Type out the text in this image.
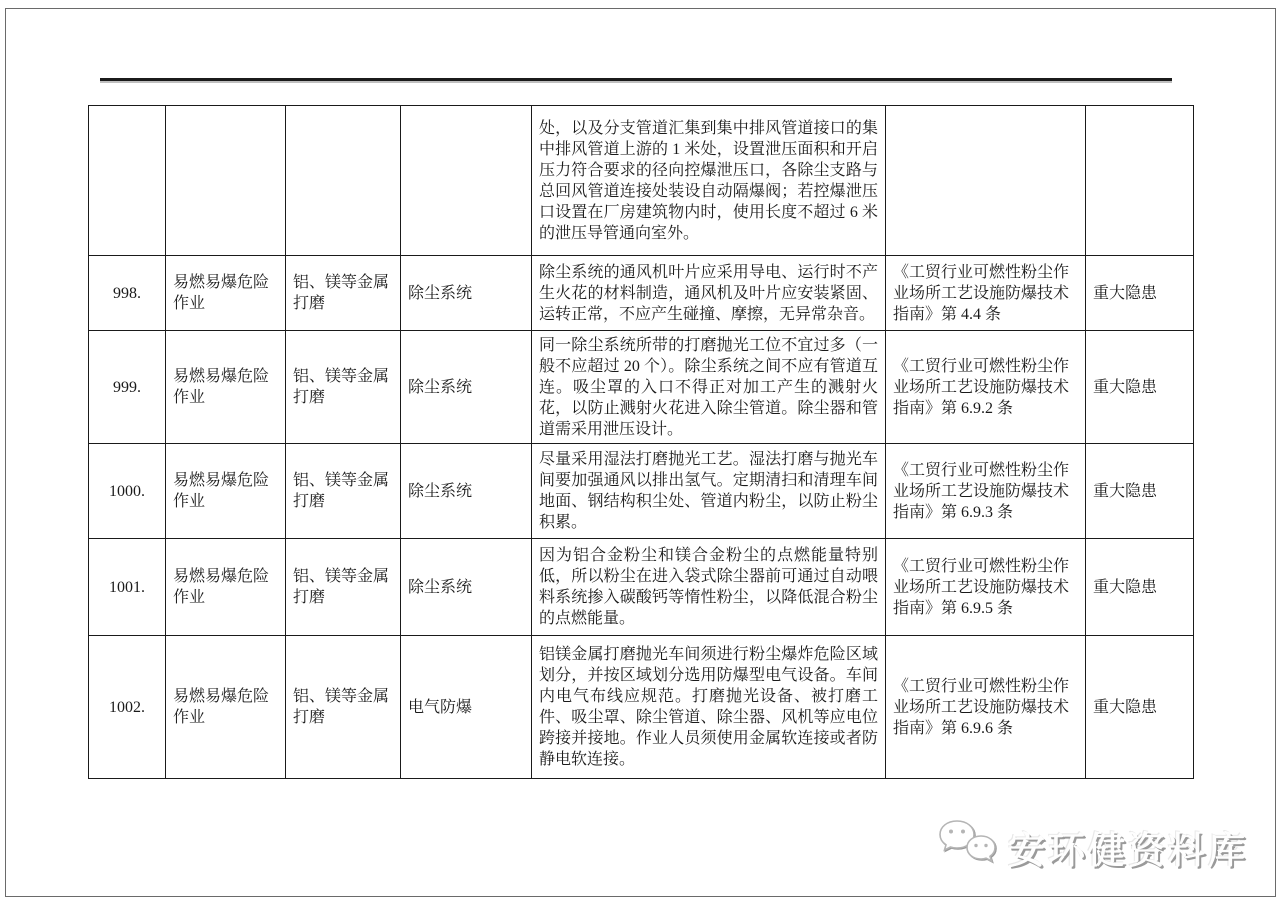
				处，以及分支管道汇集到集中排风管道接口的集中排风管道上游的 1 米处，设置泄压面积和开启压力符合要求的径向控爆泄压口，各除尘支路与总回风管道连接处装设自动隔爆阀；若控爆泄压口设置在厂房建筑物内时，使用长度不超过 6 米的泄压导管通向室外。		
998.	易燃易爆危险作业	铝、镁等金属打磨	除尘系统	除尘系统的通风机叶片应采用导电、运行时不产生火花的材料制造，通风机及叶片应安装紧固、运转正常，不应产生碰撞、摩擦，无异常杂音。	《工贸行业可燃性粉尘作业场所工艺设施防爆技术指南》第 4.4 条	重大隐患
999.	易燃易爆危险作业	铝、镁等金属打磨	除尘系统	同一除尘系统所带的打磨抛光工位不宜过多（一般不应超过 20 个）。除尘系统之间不应有管道互连。吸尘罩的入口不得正对加工产生的溅射火花，以防止溅射火花进入除尘管道。除尘器和管道需采用泄压设计。	《工贸行业可燃性粉尘作业场所工艺设施防爆技术指南》第 6.9.2 条	重大隐患
1000.	易燃易爆危险作业	铝、镁等金属打磨	除尘系统	尽量采用湿法打磨抛光工艺。湿法打磨与抛光车间要加强通风以排出氢气。定期清扫和清理车间地面、钢结构积尘处、管道内粉尘，以防止粉尘积累。	《工贸行业可燃性粉尘作业场所工艺设施防爆技术指南》第 6.9.3 条	重大隐患
1001.	易燃易爆危险作业	铝、镁等金属打磨	除尘系统	因为铝合金粉尘和镁合金粉尘的点燃能量特别低，所以粉尘在进入袋式除尘器前可通过自动喂料系统掺入碳酸钙等惰性粉尘，以降低混合粉尘的点燃能量。	《工贸行业可燃性粉尘作业场所工艺设施防爆技术指南》第 6.9.5 条	重大隐患
1002.	易燃易爆危险作业	铝、镁等金属打磨	电气防爆	铝镁金属打磨抛光车间须进行粉尘爆炸危险区域划分，并按区域划分选用防爆型电气设备。车间内电气布线应规范。打磨抛光设备、被打磨工件、吸尘罩、除尘管道、除尘器、风机等应电位跨接并接地。作业人员须使用金属软连接或者防静电软连接。	《工贸行业可燃性粉尘作业场所工艺设施防爆技术指南》第 6.9.6 条	重大隐患
安环健资料库
